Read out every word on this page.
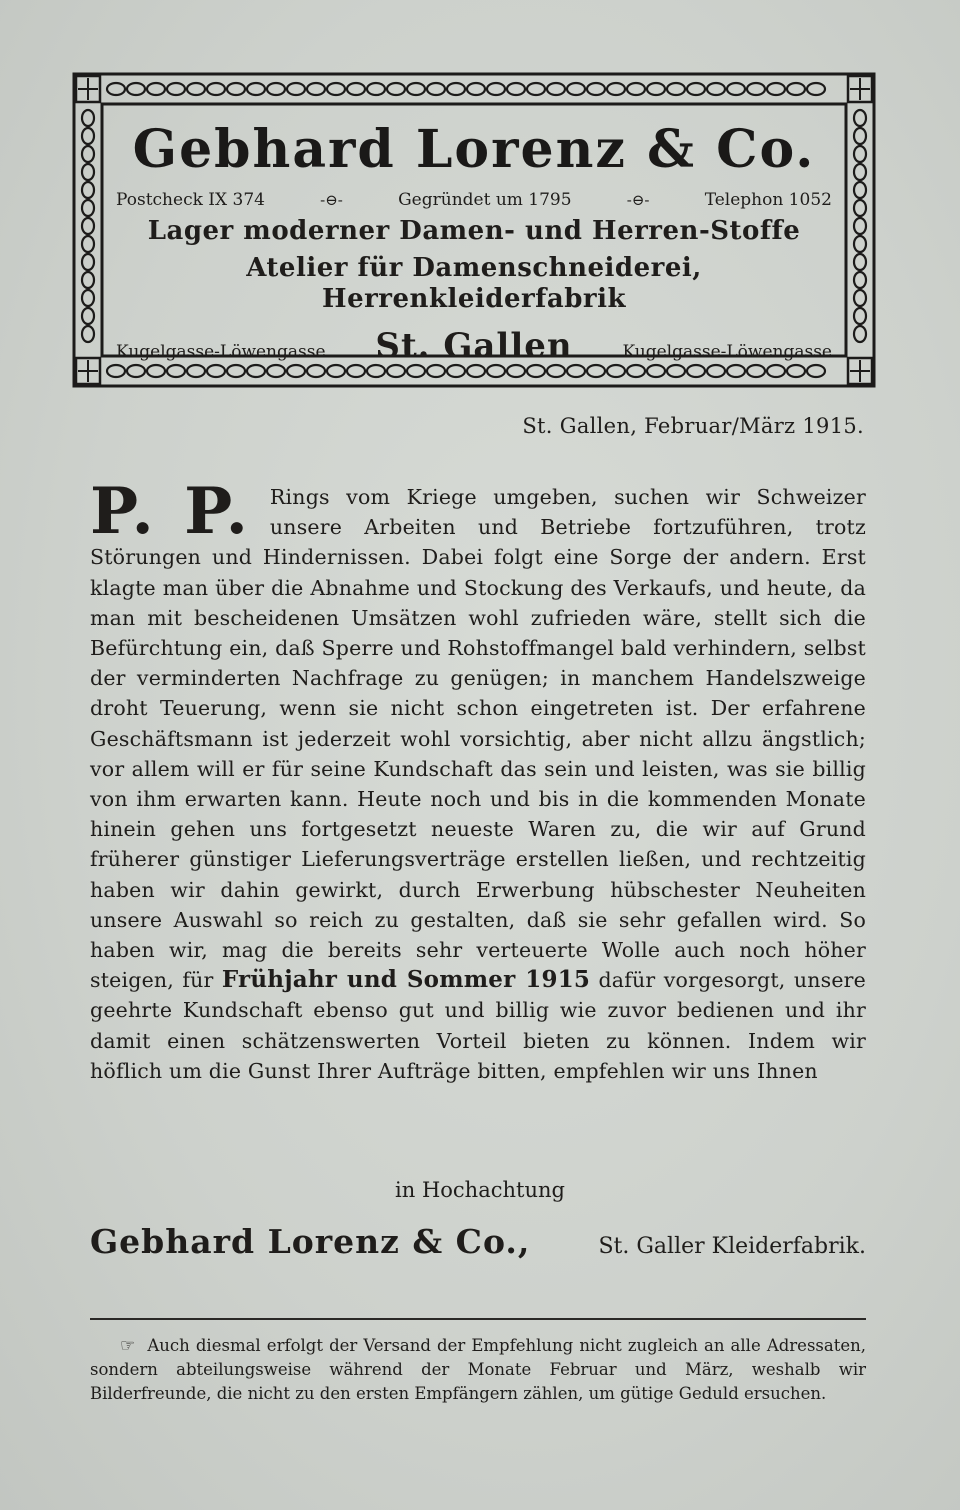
Gebhard Lorenz & Co.
Postcheck IX 374	-⊖-	Gegründet um 1795	-⊖-	Telephon 1052
Lager moderner Damen- und Herren-Stoffe
Atelier für Damenschneiderei, Herrenkleiderfabrik
Kugelgasse-Löwengasse St. Gallen	Kugelgasse-Löwengasse
St. Gallen, Februar/März 1915.
P. P. Rings vom Kriege umgeben, suchen wir Schweizer unsere Arbeiten und Betriebe fortzuführen, trotz Störungen und Hindernissen. Dabei folgt eine Sorge der andern. Erst klagte man über die Abnahme und Stockung des Verkaufs, und heute, da man mit bescheidenen Umsätzen wohl zufrieden wäre, stellt sich die Befürchtung ein, daß Sperre und Rohstoffmangel bald verhindern, selbst der verminderten Nachfrage zu genügen; in manchem Handelszweige droht Teuerung, wenn sie nicht schon eingetreten ist. Der erfahrene Geschäftsmann ist jederzeit wohl vorsichtig, aber nicht allzu ängstlich; vor allem will er für seine Kundschaft das sein und leisten, was sie billig von ihm erwarten kann. Heute noch und bis in die kommenden Monate hinein gehen uns fortgesetzt neueste Waren zu, die wir auf Grund früherer günstiger Lieferungsverträge erstellen ließen, und rechtzeitig haben wir dahin gewirkt, durch Erwerbung hübschester Neuheiten unsere Auswahl so reich zu gestalten, daß sie sehr gefallen wird. So haben wir, mag die bereits sehr verteuerte Wolle auch noch höher steigen, für Frühjahr und Sommer 1915 dafür vorgesorgt, unsere geehrte Kundschaft ebenso gut und billig wie zuvor bedienen und ihr damit einen schätzenswerten Vorteil bieten zu können. Indem wir höflich um die Gunst Ihrer Aufträge bitten, empfehlen wir uns Ihnen
in Hochachtung
Gebhard Lorenz & Co.,	St. Galler Kleiderfabrik.
☞ Auch diesmal erfolgt der Versand der Empfehlung nicht zugleich an alle Adressaten, sondern abteilungsweise während der Monate Februar und März, weshalb wir Bilderfreunde, die nicht zu den ersten Empfängern zählen, um gütige Geduld ersuchen.
